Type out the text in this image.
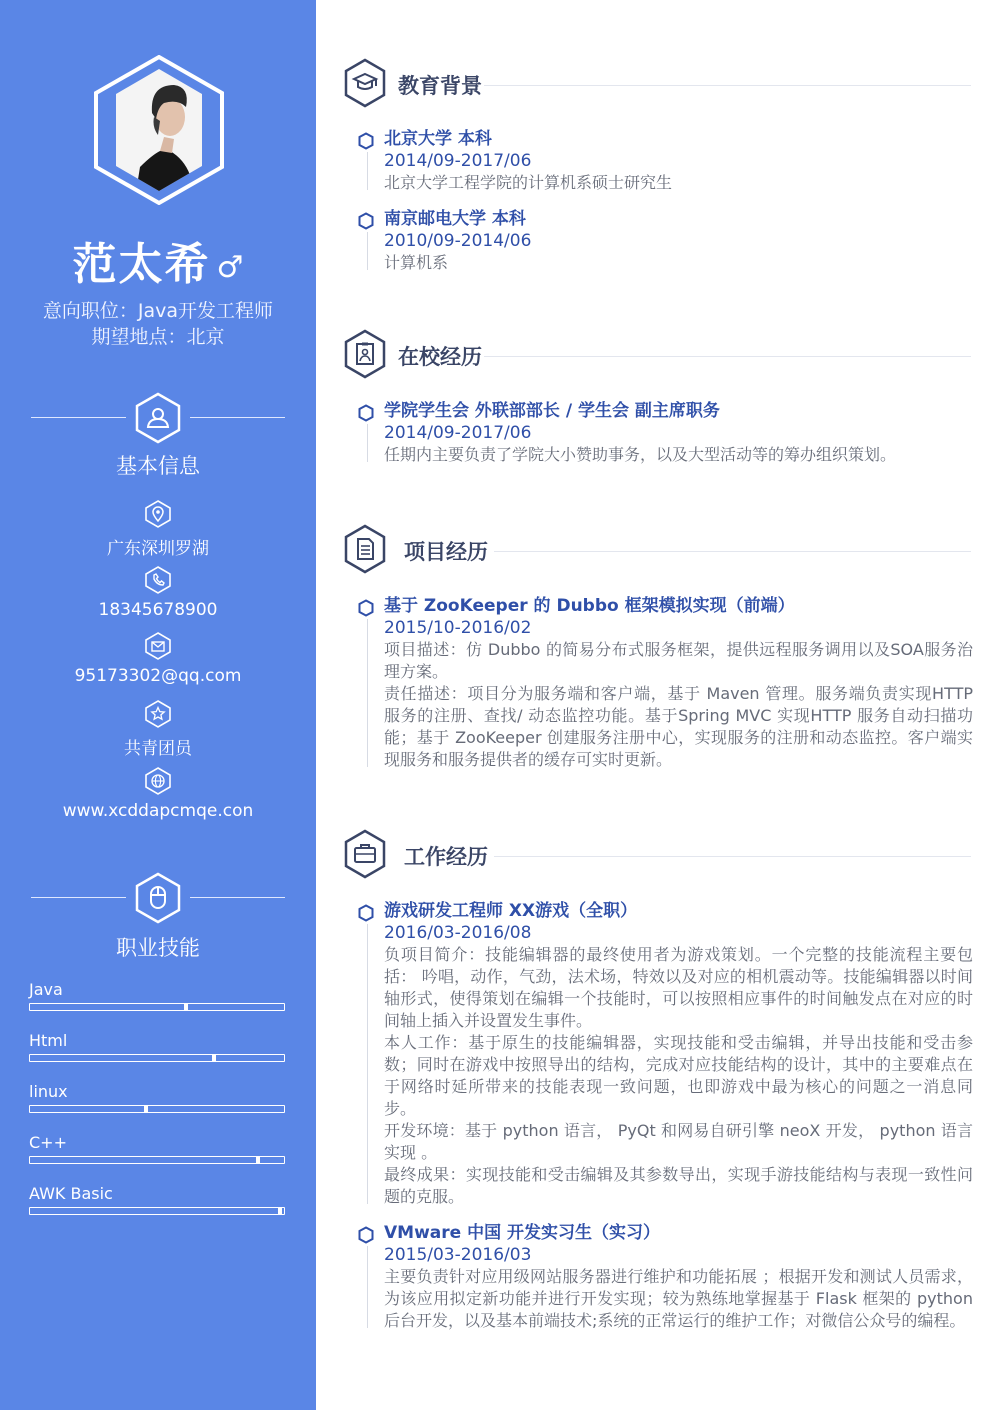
范太希 ♂
意向职位：Java开发工程师
期望地点：北京
基本信息
广东深圳罗湖
18345678900
95173302@qq.com
共青团员
www.xcddapcmqe.con
职业技能
Java
Html
linux
C++
AWK Basic
教育背景
北京大学 本科
2014/09-2017/06
北京大学工程学院的计算机系硕士研究生
南京邮电大学 本科
2010/09-2014/06
计算机系
在校经历
学院学生会 外联部部长 / 学生会 副主席职务
2014/09-2017/06
任期内主要负责了学院大小赞助事务，以及大型活动等的筹办组织策划。
项目经历
基于 ZooKeeper 的 Dubbo 框架模拟实现（前端）
2015/10-2016/02
项目描述：仿 Dubbo 的简易分布式服务框架，提供远程服务调用以及SOA服务治理方案。
责任描述：项目分为服务端和客户端，基于 Maven 管理。服务端负责实现HTTP 服务的注册、查找/ 动态监控功能。基于Spring MVC 实现HTTP 服务自动扫描功能；基于 ZooKeeper 创建服务注册中心，实现服务的注册和动态监控。客户端实现服务和服务提供者的缓存可实时更新。
工作经历
游戏研发工程师 XX游戏（全职）
2016/03-2016/08
负项目简介：技能编辑器的最终使用者为游戏策划。一个完整的技能流程主要包括： 吟唱，动作，气劲，法术场，特效以及对应的相机震动等。技能编辑器以时间轴形式，使得策划在编辑一个技能时，可以按照相应事件的时间触发点在对应的时间轴上插入并设置发生事件。
本人工作：基于原生的技能编辑器，实现技能和受击编辑，并导出技能和受击参数；同时在游戏中按照导出的结构，完成对应技能结构的设计，其中的主要难点在于网络时延所带来的技能表现一致问题，也即游戏中最为核心的问题之一消息同步。
开发环境：基于 python 语言， PyQt 和网易自研引擎 neoX 开发， python 语言实现 。
最终成果：实现技能和受击编辑及其参数导出，实现手游技能结构与表现一致性问题的克服。
VMware 中国 开发实习生（实习）
2015/03-2016/03
主要负责针对应用级网站服务器进行维护和功能拓展 ；根据开发和测试人员需求，为该应用拟定新功能并进行开发实现；较为熟练地掌握基于 Flask 框架的 python 后台开发，以及基本前端技术;系统的正常运行的维护工作；对微信公众号的编程。
